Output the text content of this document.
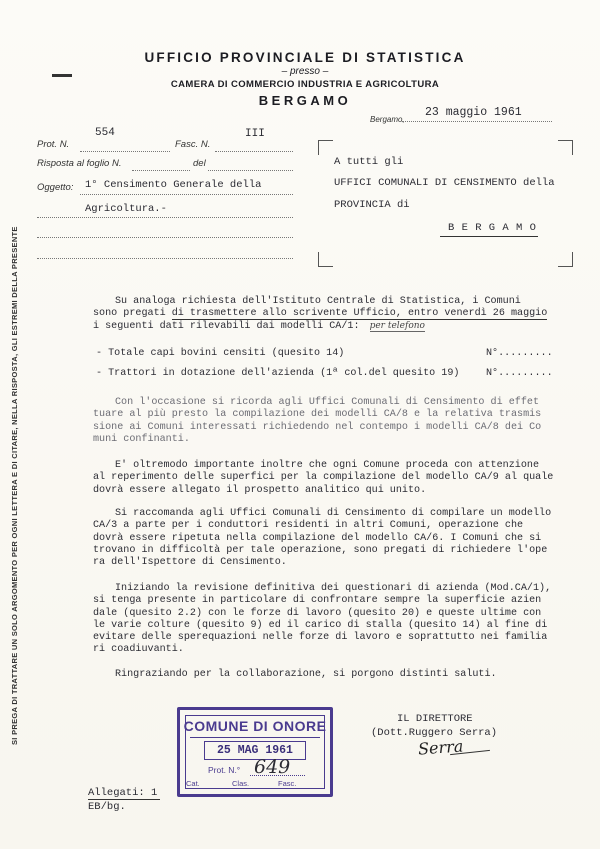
UFFICIO PROVINCIALE DI STATISTICA
– presso –
CAMERA DI COMMERCIO INDUSTRIA E AGRICOLTURA
BERGAMO
Bergamo,
23 maggio 1961
Prot. N.
554
Fasc. N.
III
Risposta al foglio N.	del
Oggetto: 1° Censimento Generale della
Agricoltura.-
A tutti gli
UFFICI COMUNALI DI CENSIMENTO della
PROVINCIA di
B E R G A M O
Su analoga richiesta dell'Istituto Centrale di Statistica, i Comuni
sono pregati di trasmettere allo scrivente Ufficio, entro venerdì 26 maggio
i seguenti dati rilevabili dai modelli CA/1: per telefono
- Totale capi bovini censiti (quesito 14)	N°.........
- Trattori in dotazione dell'azienda (1ª col.del quesito 19)	N°.........
Con l'occasione si ricorda agli Uffici Comunali di Censimento di effet
tuare al più presto la compilazione dei modelli CA/8 e la relativa trasmis
sione ai Comuni interessati richiedendo nel contempo i modelli CA/8 dei Co
muni confinanti.
E' oltremodo importante inoltre che ogni Comune proceda con attenzione
al reperimento delle superfici per la compilazione del modello CA/9 al quale
dovrà essere allegato il prospetto analitico qui unito.
Si raccomanda agli Uffici Comunali di Censimento di compilare un modello
CA/3 a parte per i conduttori residenti in altri Comuni, operazione che
dovrà essere ripetuta nella compilazione del modello CA/6. I Comuni che si
trovano in difficoltà per tale operazione, sono pregati di richiedere l'ope
ra dell'Ispettore di Censimento.
Iniziando la revisione definitiva dei questionari di azienda (Mod.CA/1),
si tenga presente in particolare di confrontare sempre la superficie azien
dale (quesito 2.2) con le forze di lavoro (quesito 20) e queste ultime con
le varie colture (quesito 9) ed il carico di stalla (quesito 14) al fine di
evitare delle sperequazioni nelle forze di lavoro e soprattutto nei familia
ri coadiuvanti.
Ringraziando per la collaborazione, si porgono distinti saluti.
IL DIRETTORE
(Dott.Ruggero Serra)
Serra
COMUNE DI ONORE
25 MAG 1961
Prot. N.° 649
Cat.	Clas.	Fasc.
Allegati: 1
EB/bg.
SI PREGA DI TRATTARE UN SOLO ARGOMENTO PER OGNI LETTERA E DI CITARE, NELLA RISPOSTA, GLI ESTREMI DELLA PRESENTE
